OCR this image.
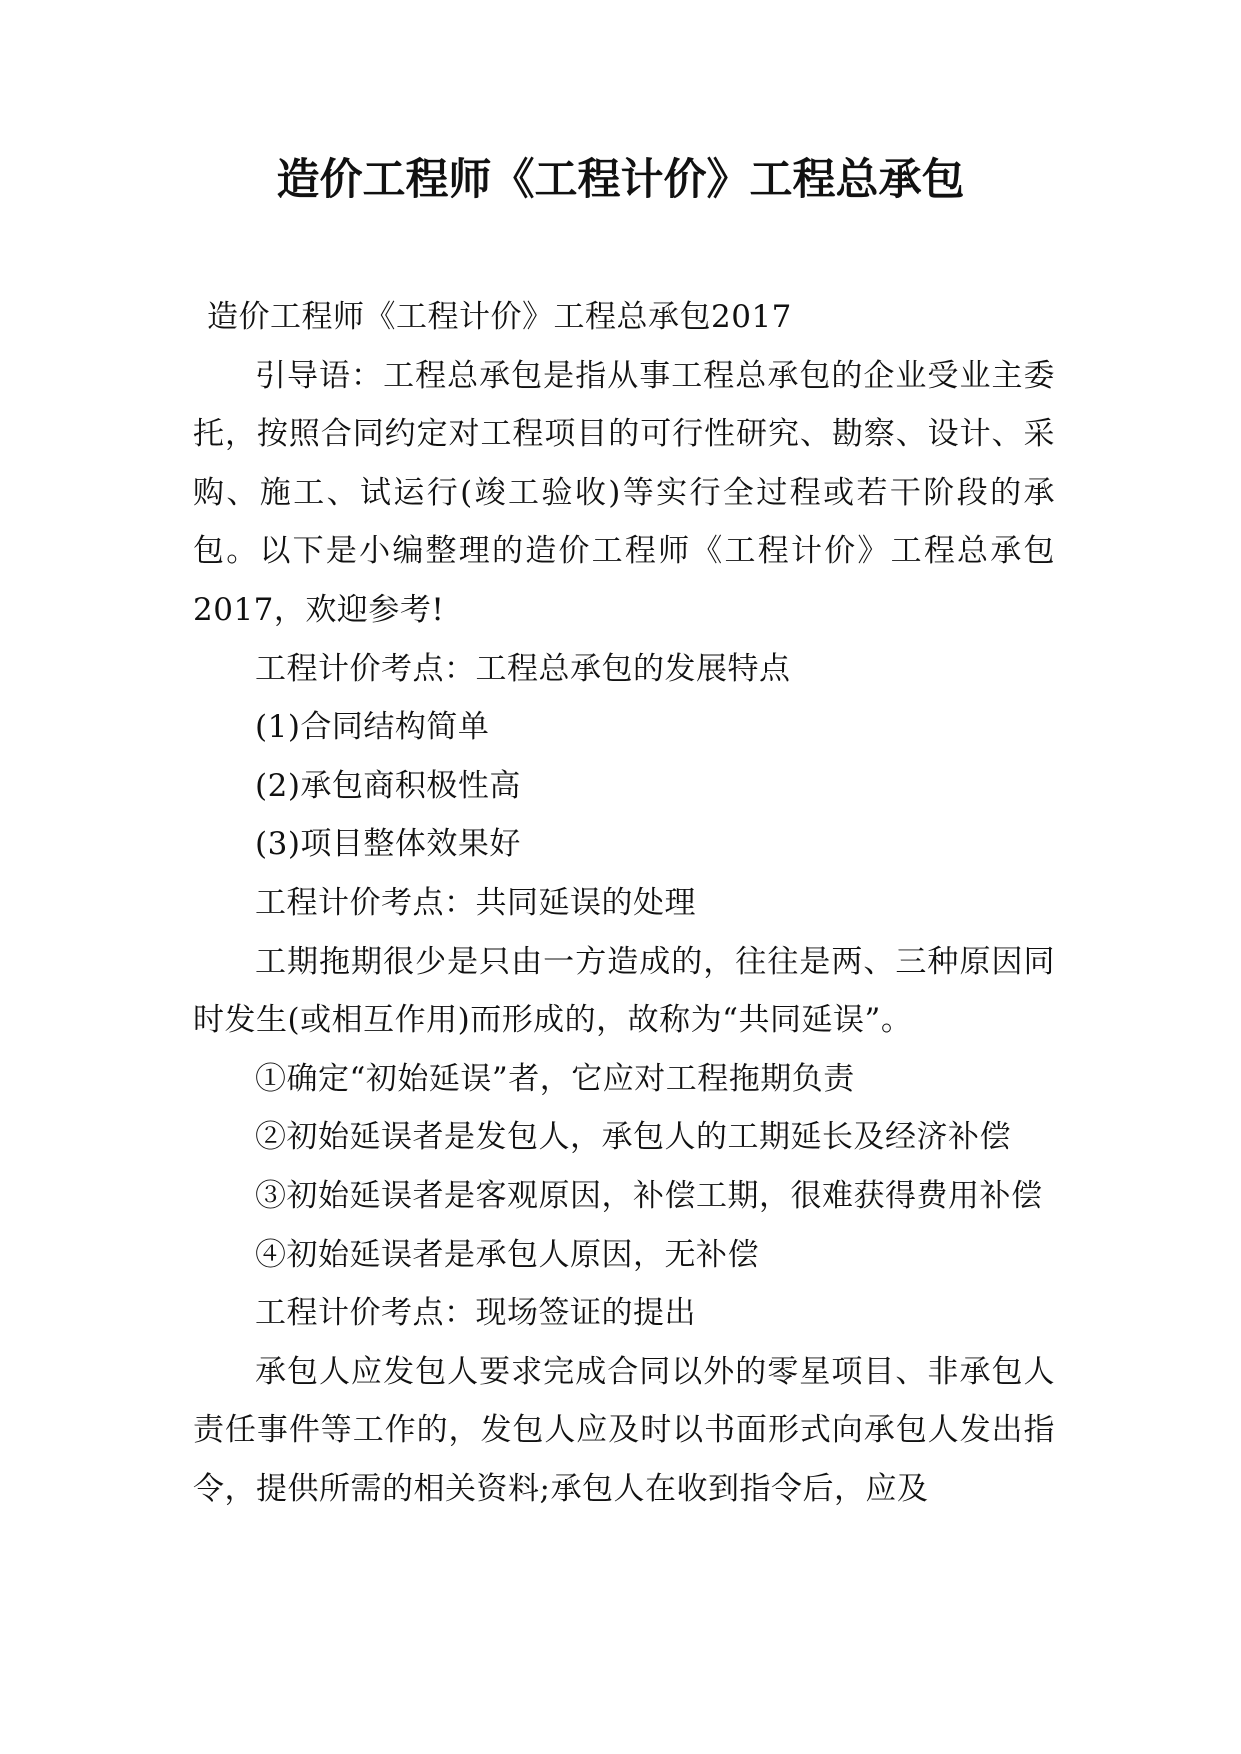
造价工程师《工程计价》工程总承包

造价工程师《工程计价》工程总承包2017

引导语：工程总承包是指从事工程总承包的企业受业主委托，按照合同约定对工程项目的可行性研究、勘察、设计、采购、施工、试运行(竣工验收)等实行全过程或若干阶段的承包。以下是小编整理的造价工程师《工程计价》工程总承包2017，欢迎参考!

工程计价考点：工程总承包的发展特点

(1)合同结构简单

(2)承包商积极性高

(3)项目整体效果好

工程计价考点：共同延误的处理

工期拖期很少是只由一方造成的，往往是两、三种原因同时发生(或相互作用)而形成的，故称为“共同延误”。

①确定“初始延误”者，它应对工程拖期负责

②初始延误者是发包人，承包人的工期延长及经济补偿

③初始延误者是客观原因，补偿工期，很难获得费用补偿

④初始延误者是承包人原因，无补偿

工程计价考点：现场签证的提出

承包人应发包人要求完成合同以外的零星项目、非承包人责任事件等工作的，发包人应及时以书面形式向承包人发出指令，提供所需的相关资料;承包人在收到指令后，应及
